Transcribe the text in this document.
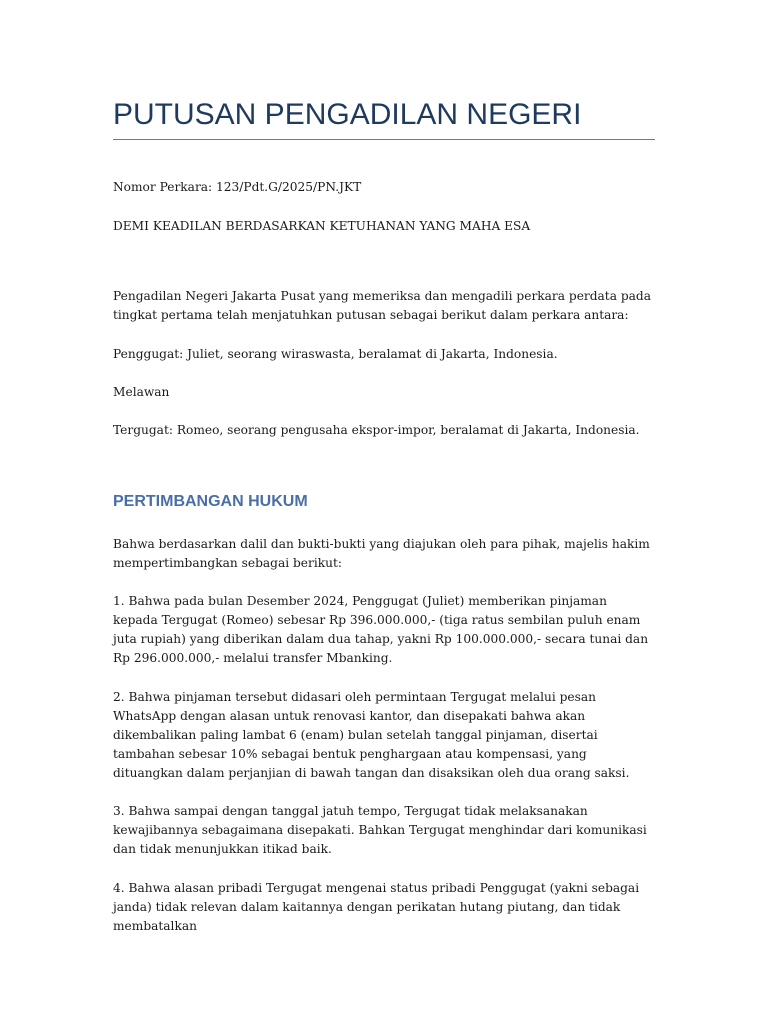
PUTUSAN PENGADILAN NEGERI

Nomor Perkara: 123/Pdt.G/2025/PN.JKT

DEMI KEADILAN BERDASARKAN KETUHANAN YANG MAHA ESA

Pengadilan Negeri Jakarta Pusat yang memeriksa dan mengadili perkara perdata pada tingkat pertama telah menjatuhkan putusan sebagai berikut dalam perkara antara:

Penggugat: Juliet, seorang wiraswasta, beralamat di Jakarta, Indonesia.

Melawan

Tergugat: Romeo, seorang pengusaha ekspor-impor, beralamat di Jakarta, Indonesia.

PERTIMBANGAN HUKUM

Bahwa berdasarkan dalil dan bukti-bukti yang diajukan oleh para pihak, majelis hakim mempertimbangkan sebagai berikut:

1. Bahwa pada bulan Desember 2024, Penggugat (Juliet) memberikan pinjaman kepada Tergugat (Romeo) sebesar Rp 396.000.000,- (tiga ratus sembilan puluh enam juta rupiah) yang diberikan dalam dua tahap, yakni Rp 100.000.000,- secara tunai dan Rp 296.000.000,- melalui transfer Mbanking.

2. Bahwa pinjaman tersebut didasari oleh permintaan Tergugat melalui pesan WhatsApp dengan alasan untuk renovasi kantor, dan disepakati bahwa akan dikembalikan paling lambat 6 (enam) bulan setelah tanggal pinjaman, disertai tambahan sebesar 10% sebagai bentuk penghargaan atau kompensasi, yang dituangkan dalam perjanjian di bawah tangan dan disaksikan oleh dua orang saksi.

3. Bahwa sampai dengan tanggal jatuh tempo, Tergugat tidak melaksanakan kewajibannya sebagaimana disepakati. Bahkan Tergugat menghindar dari komunikasi dan tidak menunjukkan itikad baik.

4. Bahwa alasan pribadi Tergugat mengenai status pribadi Penggugat (yakni sebagai janda) tidak relevan dalam kaitannya dengan perikatan hutang piutang, dan tidak membatalkan
